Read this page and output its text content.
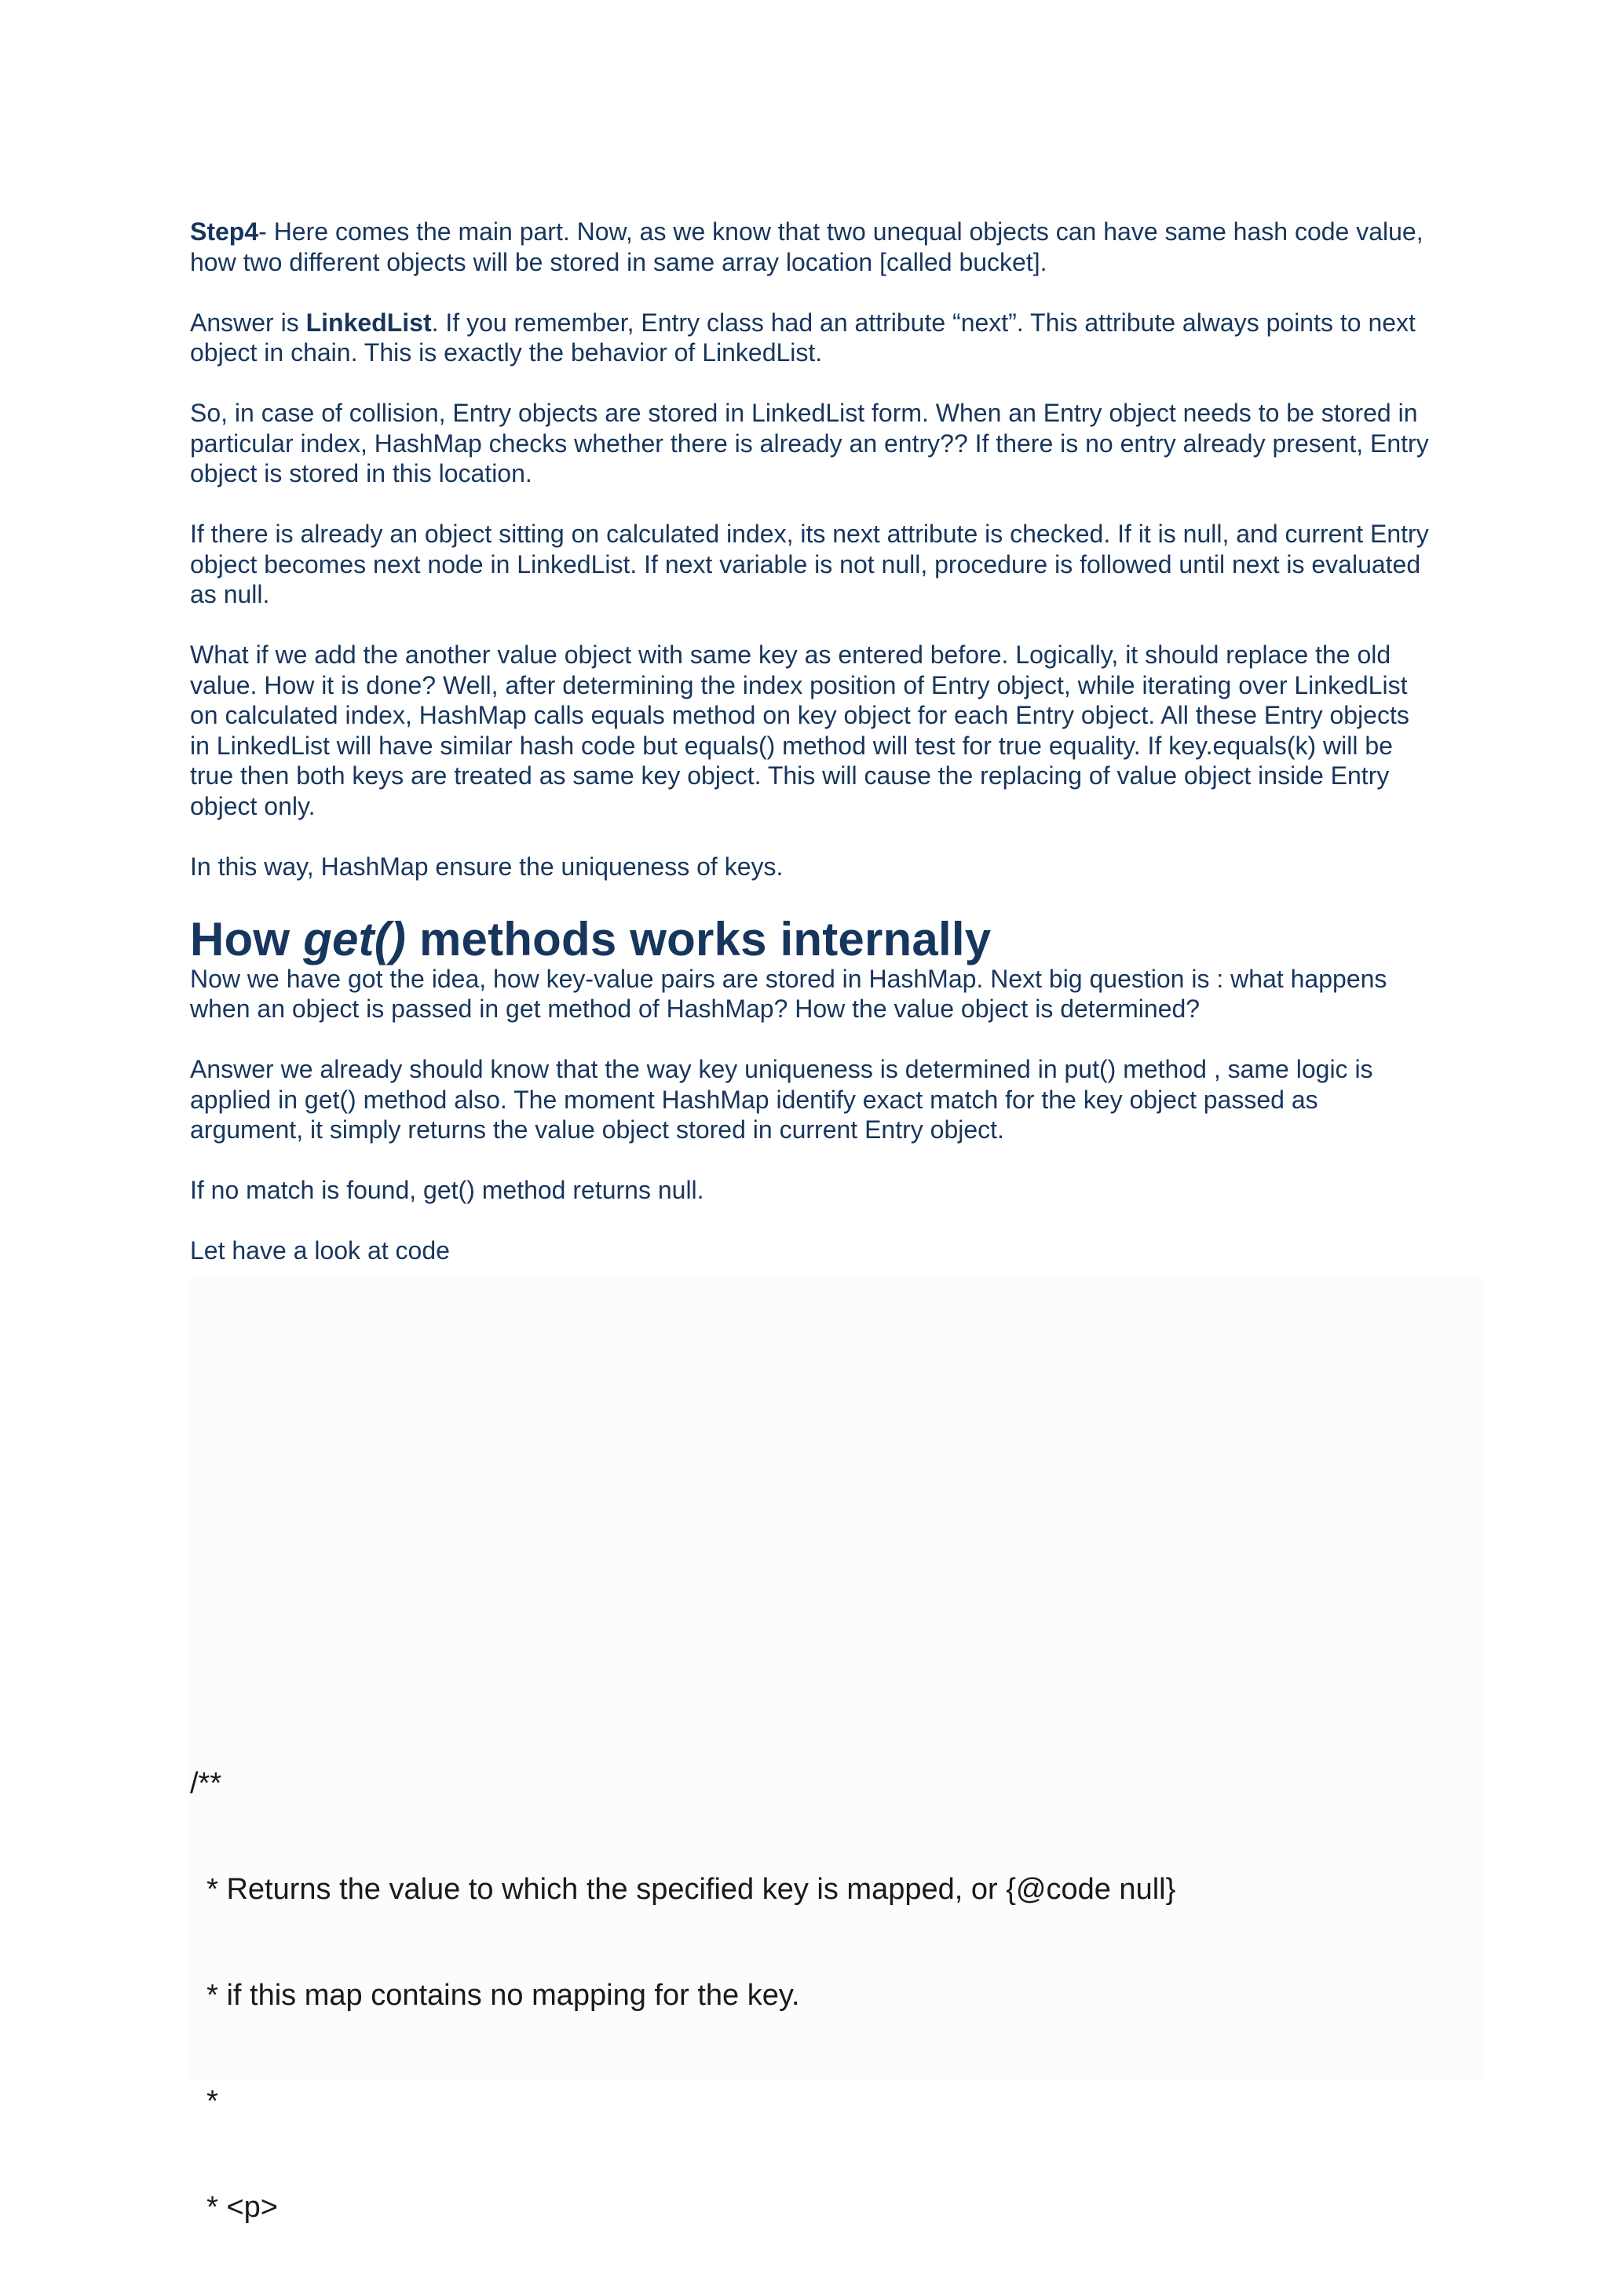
Step4- Here comes the main part. Now, as we know that two unequal objects can have same hash code value, how two different objects will be stored in same array location [called bucket].

Answer is LinkedList. If you remember, Entry class had an attribute “next”. This attribute always points to next object in chain. This is exactly the behavior of LinkedList.

So, in case of collision, Entry objects are stored in LinkedList form. When an Entry object needs to be stored in particular index, HashMap checks whether there is already an entry?? If there is no entry already present, Entry object is stored in this location.

If there is already an object sitting on calculated index, its next attribute is checked. If it is null, and current Entry object becomes next node in LinkedList. If next variable is not null, procedure is followed until next is evaluated as null.

What if we add the another value object with same key as entered before. Logically, it should replace the old value. How it is done? Well, after determining the index position of Entry object, while iterating over LinkedList on calculated index, HashMap calls equals method on key object for each Entry object. All these Entry objects in LinkedList will have similar hash code but equals() method will test for true equality. If key.equals(k) will be true then both keys are treated as same key object. This will cause the replacing of value object inside Entry object only.

In this way, HashMap ensure the uniqueness of keys.

How get() methods works internally

Now we have got the idea, how key-value pairs are stored in HashMap. Next big question is : what happens when an object is passed in get method of HashMap? How the value object is determined?

Answer we already should know that the way key uniqueness is determined in put() method , same logic is applied in get() method also. The moment HashMap identify exact match for the key object passed as argument, it simply returns the value object stored in current Entry object.

If no match is found, get() method returns null.

Let have a look at code

/**

* Returns the value to which the specified key is mapped, or {@code null}

* if this map contains no mapping for the key.

*

* <p>
